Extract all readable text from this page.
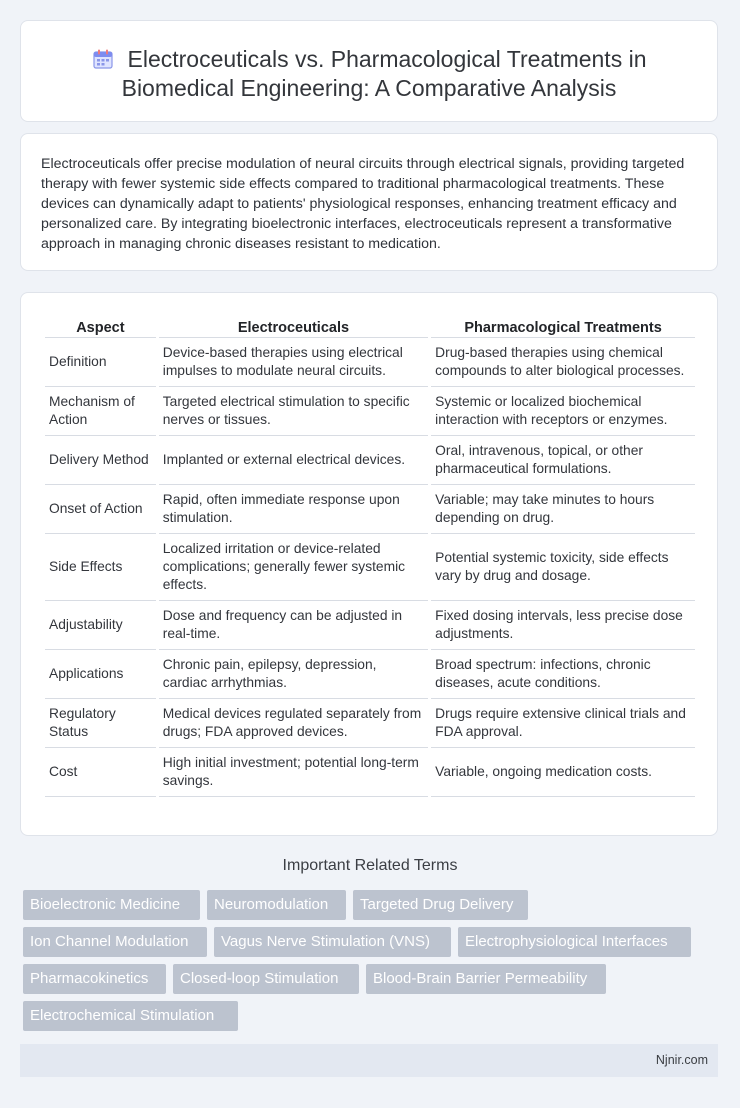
Electroceuticals vs. Pharmacological Treatments in
Biomedical Engineering: A Comparative Analysis
Electroceuticals offer precise modulation of neural circuits through electrical signals, providing targeted therapy with fewer systemic side effects compared to traditional pharmacological treatments. These devices can dynamically adapt to patients' physiological responses, enhancing treatment efficacy and personalized care. By integrating bioelectronic interfaces, electroceuticals represent a transformative approach in managing chronic diseases resistant to medication.
Aspect	Electroceuticals	Pharmacological Treatments
Definition	Device-based therapies using electrical impulses to modulate neural circuits.	Drug-based therapies using chemical compounds to alter biological processes.
Mechanism of Action	Targeted electrical stimulation to specific nerves or tissues.	Systemic or localized biochemical interaction with receptors or enzymes.
Delivery Method	Implanted or external electrical devices.	Oral, intravenous, topical, or other pharmaceutical formulations.
Onset of Action	Rapid, often immediate response upon stimulation.	Variable; may take minutes to hours depending on drug.
Side Effects	Localized irritation or device-related complications; generally fewer systemic effects.	Potential systemic toxicity, side effects vary by drug and dosage.
Adjustability	Dose and frequency can be adjusted in real-time.	Fixed dosing intervals, less precise dose adjustments.
Applications	Chronic pain, epilepsy, depression, cardiac arrhythmias.	Broad spectrum: infections, chronic diseases, acute conditions.
Regulatory Status	Medical devices regulated separately from drugs; FDA approved devices.	Drugs require extensive clinical trials and FDA approval.
Cost	High initial investment; potential long-term savings.	Variable, ongoing medication costs.
Important Related Terms
Bioelectronic Medicine	Neuromodulation	Targeted Drug Delivery
Ion Channel Modulation	Vagus Nerve Stimulation (VNS)	Electrophysiological Interfaces
Pharmacokinetics	Closed-loop Stimulation	Blood-Brain Barrier Permeability
Electrochemical Stimulation
Njnir.com
